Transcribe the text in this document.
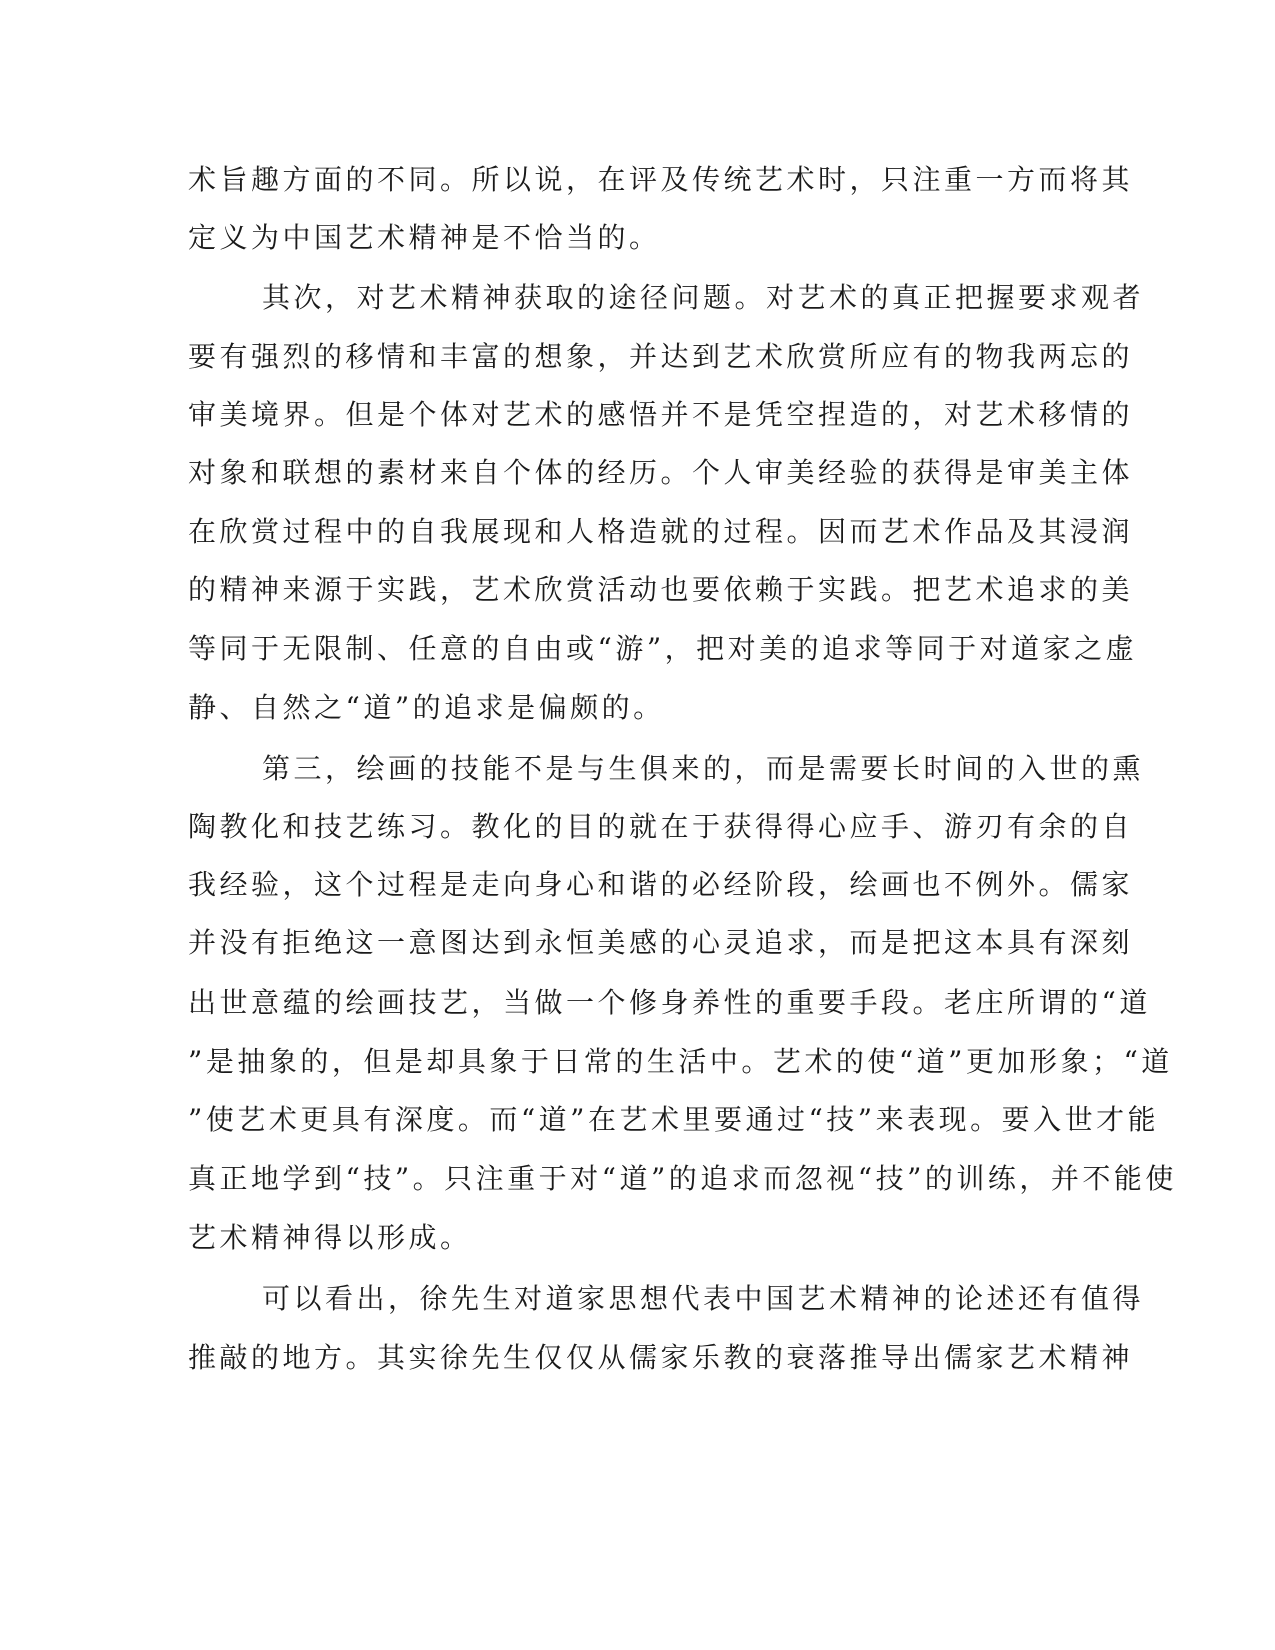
术旨趣方面的不同。所以说，在评及传统艺术时，只注重一方而将其
定义为中国艺术精神是不恰当的。
其次，对艺术精神获取的途径问题。对艺术的真正把握要求观者
要有强烈的移情和丰富的想象，并达到艺术欣赏所应有的物我两忘的
审美境界。但是个体对艺术的感悟并不是凭空捏造的，对艺术移情的
对象和联想的素材来自个体的经历。个人审美经验的获得是审美主体
在欣赏过程中的自我展现和人格造就的过程。因而艺术作品及其浸润
的精神来源于实践，艺术欣赏活动也要依赖于实践。把艺术追求的美
等同于无限制、任意的自由或“游”，把对美的追求等同于对道家之虚
静、自然之“道”的追求是偏颇的。
第三，绘画的技能不是与生俱来的，而是需要长时间的入世的熏
陶教化和技艺练习。教化的目的就在于获得得心应手、游刃有余的自
我经验，这个过程是走向身心和谐的必经阶段，绘画也不例外。儒家
并没有拒绝这一意图达到永恒美感的心灵追求，而是把这本具有深刻
出世意蕴的绘画技艺，当做一个修身养性的重要手段。老庄所谓的“道
”是抽象的，但是却具象于日常的生活中。艺术的使“道”更加形象；“道
”使艺术更具有深度。而“道”在艺术里要通过“技”来表现。要入世才能
真正地学到“技”。只注重于对“道”的追求而忽视“技”的训练，并不能使
艺术精神得以形成。
可以看出，徐先生对道家思想代表中国艺术精神的论述还有值得
推敲的地方。其实徐先生仅仅从儒家乐教的衰落推导出儒家艺术精神
